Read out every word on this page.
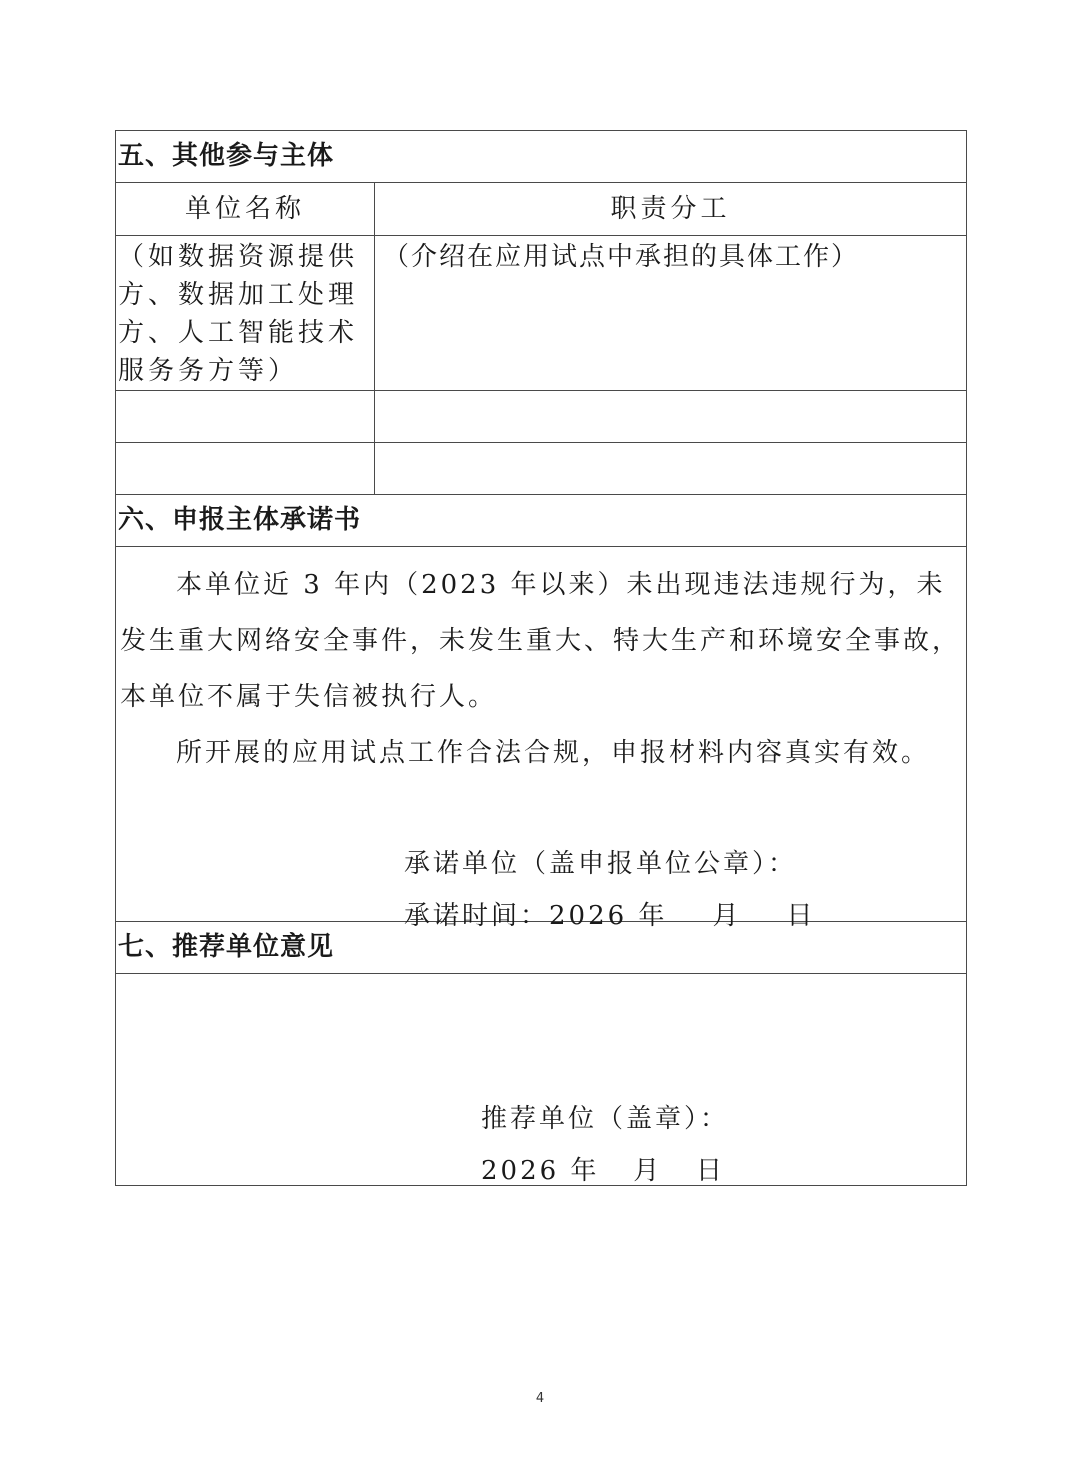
五、其他参与主体	
单位名称	职责分工
（如数据资源提供方、数据加工处理方、人工智能技术服务务方等）	（介绍在应用试点中承担的具体工作）

六、申报主体承诺书	

本单位近 3 年内（2023 年以来）未出现违法违规行为，未发生重大网络安全事件，未发生重大、特大生产和环境安全事故，本单位不属于失信被执行人。

所开展的应用试点工作合法合规，申报材料内容真实有效。

承诺单位（盖申报单位公章）：
承诺时间：2026 年    月    日	

七、推荐单位意见	

推荐单位（盖章）：
2026 年   月   日	
4
